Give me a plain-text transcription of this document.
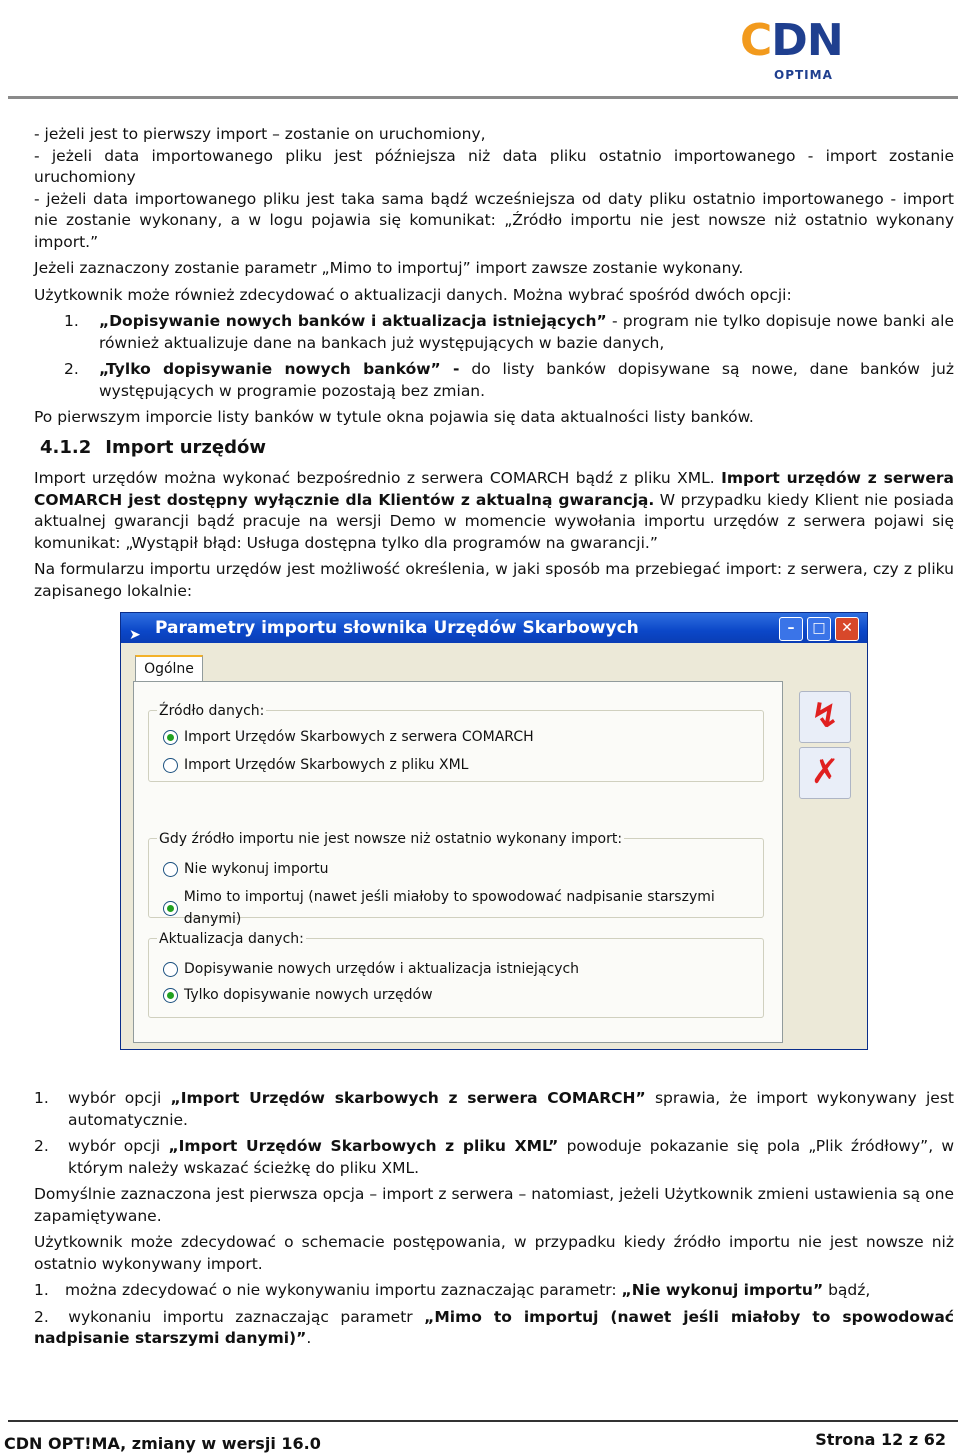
CDN
OPTIMA

- jeżeli jest to pierwszy import – zostanie on uruchomiony,

- jeżeli data importowanego pliku jest późniejsza niż data pliku ostatnio importowanego - import zostanie uruchomiony

- jeżeli data importowanego pliku jest taka sama bądź wcześniejsza od daty pliku ostatnio importowanego - import nie zostanie wykonany, a w logu pojawia się komunikat: „Źródło importu nie jest nowsze niż ostatnio wykonany import.”

Jeżeli zaznaczony zostanie parametr „Mimo to importuj” import zawsze zostanie wykonany.

Użytkownik może również zdecydować o aktualizacji danych. Można wybrać spośród dwóch opcji:

1.	„Dopisywanie nowych banków i aktualizacja istniejących” - program nie tylko dopisuje nowe banki ale również aktualizuje dane na bankach już występujących w bazie danych,
2.	„Tylko dopisywanie nowych banków” - do listy banków dopisywane są nowe, dane banków już występujących w programie pozostają bez zmian.

Po pierwszym imporcie listy banków w tytule okna pojawia się data aktualności listy banków.

4.1.2 Import urzędów

Import urzędów można wykonać bezpośrednio z serwera COMARCH bądź z pliku XML. Import urzędów z serwera COMARCH jest dostępny wyłącznie dla Klientów z aktualną gwarancją. W przypadku kiedy Klient nie posiada aktualnej gwarancji bądź pracuje na wersji Demo w momencie wywołania importu urzędów z serwera pojawi się komunikat: „Wystąpił błąd: Usługa dostępna tylko dla programów na gwarancji.”

Na formularzu importu urzędów jest możliwość określenia, w jaki sposób ma przebiegać import: z serwera, czy z pliku zapisanego lokalnie:

➤ Parametry importu słownika Urzędów Skarbowych	–	□	✕
Ogólne
Źródło danych:
Import Urzędów Skarbowych z serwera COMARCH
Import Urzędów Skarbowych z pliku XML
Gdy źródło importu nie jest nowsze niż ostatnio wykonany import:
Nie wykonuj importu
Mimo to importuj (nawet jeśli miałoby to spowodować nadpisanie starszymi danymi)
Aktualizacja danych:
Dopisywanie nowych urzędów i aktualizacja istniejących
Tylko dopisywanie nowych urzędów
↯
✗
1.	wybór opcji „Import Urzędów skarbowych z serwera COMARCH” sprawia, że import wykonywany jest automatycznie.
2.	wybór opcji „Import Urzędów Skarbowych z pliku XML” powoduje pokazanie się pola „Plik źródłowy”, w którym należy wskazać ścieżkę do pliku XML.

Domyślnie zaznaczona jest pierwsza opcja – import z serwera – natomiast, jeżeli Użytkownik zmieni ustawienia są one zapamiętywane.

Użytkownik może zdecydować o schemacie postępowania, w przypadku kiedy źródło importu nie jest nowsze niż ostatnio wykonywany import.

1.	można zdecydować o nie wykonywaniu importu zaznaczając parametr: „Nie wykonuj importu” bądź,

2. wykonaniu importu zaznaczając parametr „Mimo to importuj (nawet jeśli miałoby to spowodować nadpisanie starszymi danymi)”.

CDN OPT!MA, zmiany w wersji 16.0	Strona 12 z 62
